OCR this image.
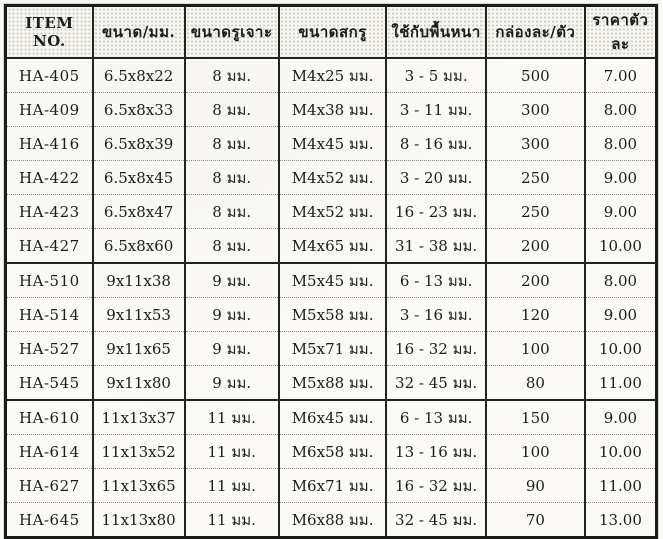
ITEM NO.	ขนาด/มม.	ขนาดรูเจาะ	ขนาดสกรู	ใช้กับพื้นหนา	กล่องละ/ตัว	ราคาตัวละ
HA-405	6.5x8x22	8 มม.	M4x25 มม.	3 - 5 มม.	500	7.00
HA-409	6.5x8x33	8 มม.	M4x38 มม.	3 - 11 มม.	300	8.00
HA-416	6.5x8x39	8 มม.	M4x45 มม.	8 - 16 มม.	300	8.00
HA-422	6.5x8x45	8 มม.	M4x52 มม.	3 - 20 มม.	250	9.00
HA-423	6.5x8x47	8 มม.	M4x52 มม.	16 - 23 มม.	250	9.00
HA-427	6.5x8x60	8 มม.	M4x65 มม.	31 - 38 มม.	200	10.00
HA-510	9x11x38	9 มม.	M5x45 มม.	6 - 13 มม.	200	8.00
HA-514	9x11x53	9 มม.	M5x58 มม.	3 - 16 มม.	120	9.00
HA-527	9x11x65	9 มม.	M5x71 มม.	16 - 32 มม.	100	10.00
HA-545	9x11x80	9 มม.	M5x88 มม.	32 - 45 มม.	80	11.00
HA-610	11x13x37	11 มม.	M6x45 มม.	6 - 13 มม.	150	9.00
HA-614	11x13x52	11 มม.	M6x58 มม.	13 - 16 มม.	100	10.00
HA-627	11x13x65	11 มม.	M6x71 มม.	16 - 32 มม.	90	11.00
HA-645	11x13x80	11 มม.	M6x88 มม.	32 - 45 มม.	70	13.00
